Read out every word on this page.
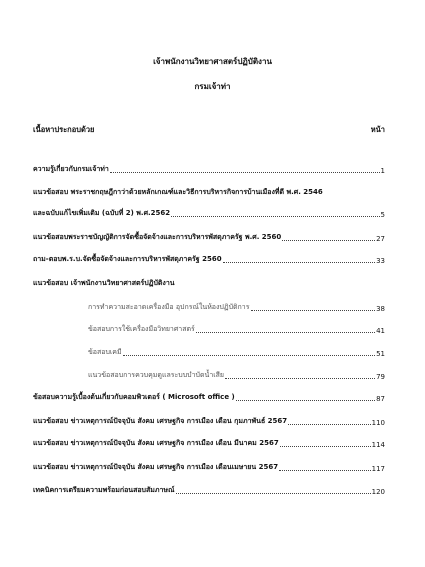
เจ้าพนักงานวิทยาศาสตร์ปฏิบัติงาน
กรมเจ้าท่า
เนื้อหาประกอบด้วย	หน้า
ความรู้เกี่ยวกับกรมเจ้าท่า	1
แนวข้อสอบ พระราชกฤษฎีกาว่าด้วยหลักเกณฑ์และวิธีการบริหารกิจการบ้านเมืองที่ดี พ.ศ. 2546
และฉบับแก้ไขเพิ่มเติม (ฉบับที่ 2) พ.ศ.2562	5
แนวข้อสอบพระราชบัญญัติการจัดซื้อจัดจ้างและการบริหารพัสดุภาครัฐ พ.ศ. 2560	27
ถาม-ตอบพ.ร.บ.จัดซื้อจัดจ้างและการบริหารพัสดุภาครัฐ 2560	33
แนวข้อสอบ เจ้าพนักงานวิทยาศาสตร์ปฏิบัติงาน
การทำความสะอาดเครื่องมือ อุปกรณ์ในห้องปฏิบัติการ	38
ข้อสอบการใช้เครื่องมือวิทยาศาสตร์	41
ข้อสอบเคมี	51
แนวข้อสอบการควบคุมดูแลระบบบำบัดน้ำเสีย	79
ข้อสอบความรู้เบื้องต้นเกี่ยวกับคอมพิวเตอร์ ( Microsoft office )	87
แนวข้อสอบ ข่าวเหตุการณ์ปัจจุบัน สังคม เศรษฐกิจ การเมือง เดือน กุมภาพันธ์ 2567	110
แนวข้อสอบ ข่าวเหตุการณ์ปัจจุบัน สังคม เศรษฐกิจ การเมือง เดือน มีนาคม 2567	114
แนวข้อสอบ ข่าวเหตุการณ์ปัจจุบัน สังคม เศรษฐกิจ การเมือง เดือนเมษายน 2567	117
เทคนิคการเตรียมความพร้อมก่อนสอบสัมภาษณ์	120
